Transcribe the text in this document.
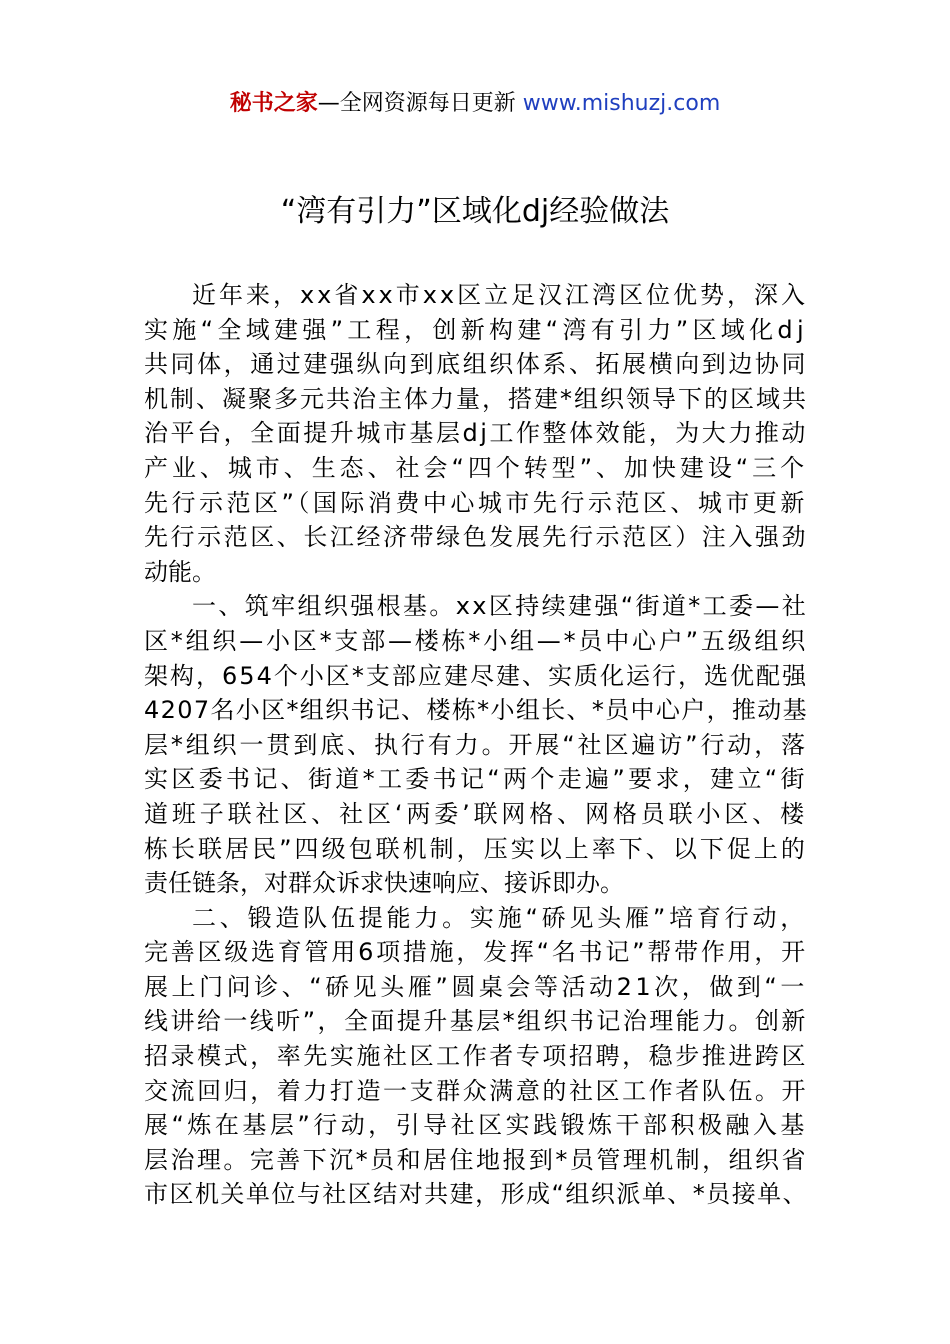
秘书之家—全网资源每日更新 www.mishuzj.com
“湾有引力”区域化dj经验做法
近年来，xx省xx市xx区立足汉江湾区位优势，深入
实施“全域建强”工程，创新构建“湾有引力”区域化dj
共同体，通过建强纵向到底组织体系、拓展横向到边协同
机制、凝聚多元共治主体力量，搭建*组织领导下的区域共
治平台，全面提升城市基层dj工作整体效能，为大力推动
产业、城市、生态、社会“四个转型”、加快建设“三个
先行示范区”（国际消费中心城市先行示范区、城市更新
先行示范区、长江经济带绿色发展先行示范区）注入强劲
动能。
一、筑牢组织强根基。xx区持续建强“街道*工委—社
区*组织—小区*支部—楼栋*小组—*员中心户”五级组织
架构，654个小区*支部应建尽建、实质化运行，选优配强
4207名小区*组织书记、楼栋*小组长、*员中心户，推动基
层*组织一贯到底、执行有力。开展“社区遍访”行动，落
实区委书记、街道*工委书记“两个走遍”要求，建立“街
道班子联社区、社区‘两委’联网格、网格员联小区、楼
栋长联居民”四级包联机制，压实以上率下、以下促上的
责任链条，对群众诉求快速响应、接诉即办。
二、锻造队伍提能力。实施“硚见头雁”培育行动，
完善区级选育管用6项措施，发挥“名书记”帮带作用，开
展上门问诊、“硚见头雁”圆桌会等活动21次，做到“一
线讲给一线听”，全面提升基层*组织书记治理能力。创新
招录模式，率先实施社区工作者专项招聘，稳步推进跨区
交流回归，着力打造一支群众满意的社区工作者队伍。开
展“炼在基层”行动，引导社区实践锻炼干部积极融入基
层治理。完善下沉*员和居住地报到*员管理机制，组织省
市区机关单位与社区结对共建，形成“组织派单、*员接单、
